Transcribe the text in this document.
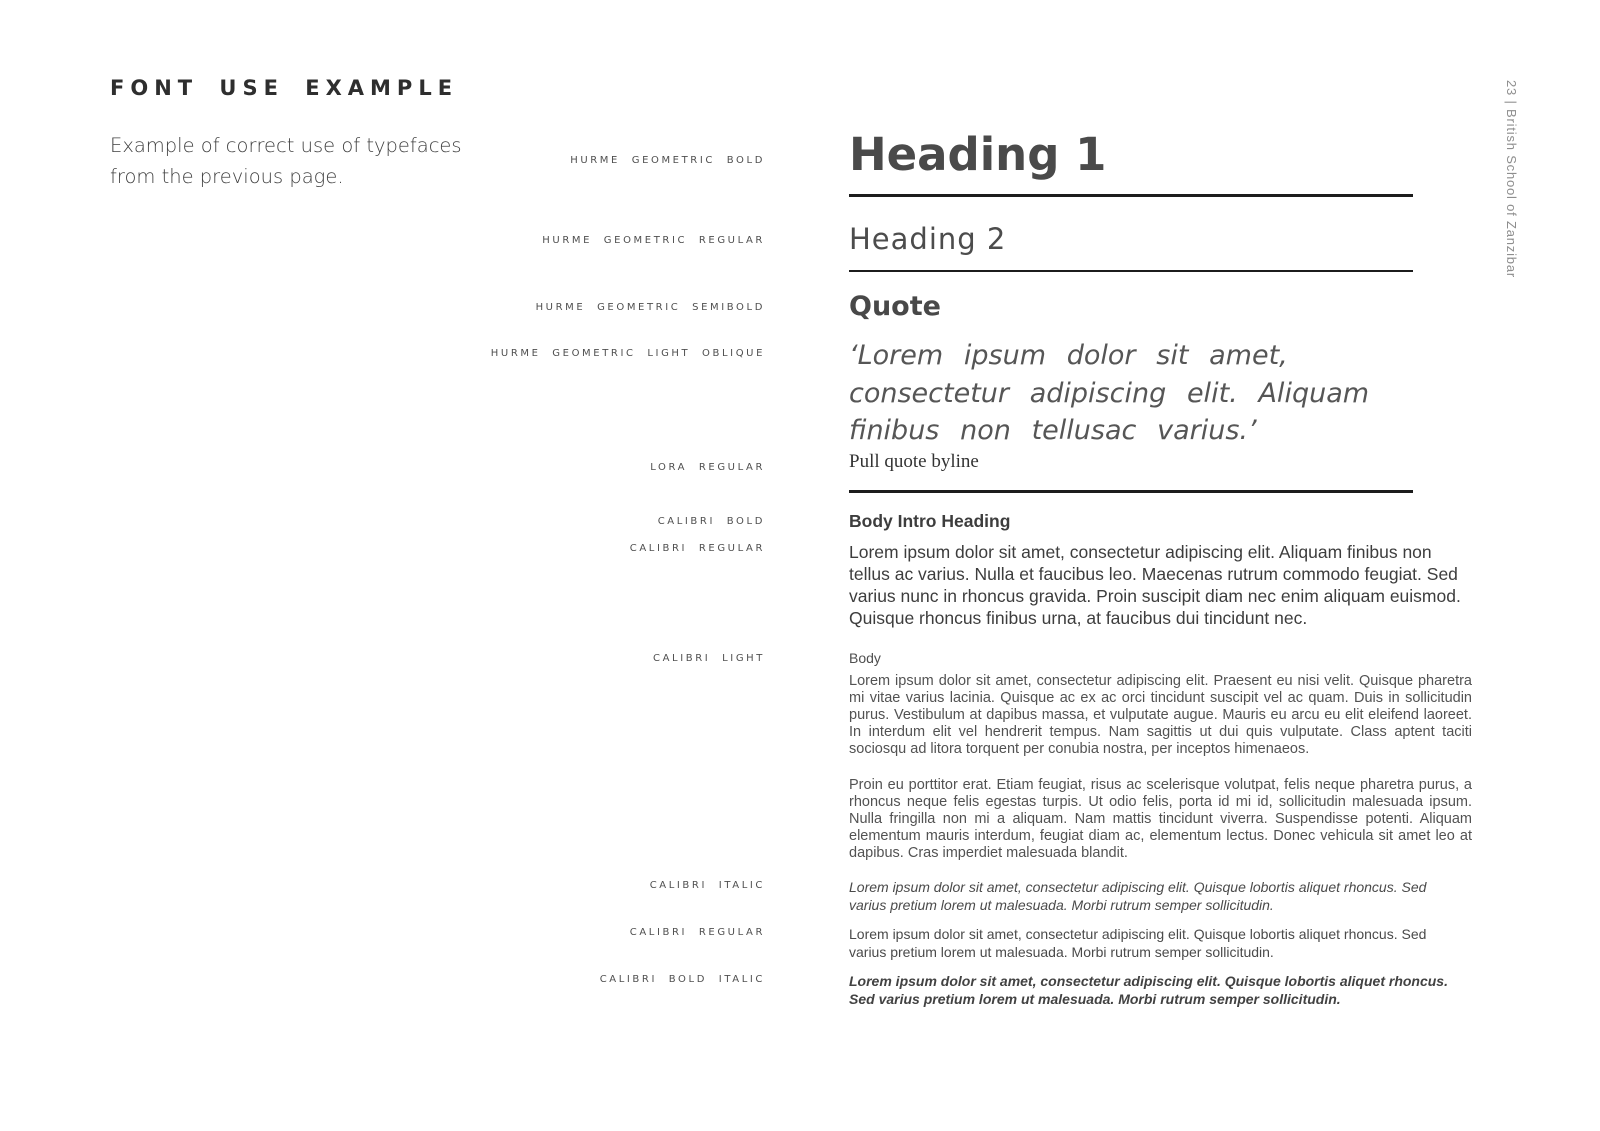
FONT USE EXAMPLE
Example of correct use of typefaces from the previous page.
HURME GEOMETRIC BOLD
HURME GEOMETRIC REGULAR
HURME GEOMETRIC SEMIBOLD
HURME GEOMETRIC LIGHT OBLIQUE
LORA REGULAR
CALIBRI BOLD
CALIBRI REGULAR
CALIBRI LIGHT
CALIBRI ITALIC
CALIBRI REGULAR
CALIBRI BOLD ITALIC
Heading 1
Heading 2
Quote
‘Lorem ipsum dolor sit amet,
consectetur adipiscing elit. Aliquam
finibus non tellusac varius.’
Pull quote byline
Body Intro Heading
Lorem ipsum dolor sit amet, consectetur adipiscing elit. Aliquam finibus non tellus ac varius. Nulla et faucibus leo. Maecenas rutrum commodo feugiat. Sed varius nunc in rhoncus gravida. Proin suscipit diam nec enim aliquam euismod. Quisque rhoncus finibus urna, at faucibus dui tincidunt nec.
Body
Lorem ipsum dolor sit amet, consectetur adipiscing elit. Praesent eu nisi velit. Quisque pharetra mi vitae varius lacinia. Quisque ac ex ac orci tincidunt suscipit vel ac quam. Duis in sollicitudin purus. Vestibulum at dapibus massa, et vulputate augue. Mauris eu arcu eu elit eleifend laoreet. In interdum elit vel hendrerit tempus. Nam sagittis ut dui quis vulputate. Class aptent taciti sociosqu ad litora torquent per conubia nostra, per inceptos himenaeos.
Proin eu porttitor erat. Etiam feugiat, risus ac scelerisque volutpat, felis neque pharetra purus, a rhoncus neque felis egestas turpis. Ut odio felis, porta id mi id, sollicitudin malesuada ipsum. Nulla fringilla non mi a aliquam. Nam mattis tincidunt viverra. Suspendisse potenti. Aliquam elementum mauris interdum, feugiat diam ac, elementum lectus. Donec vehicula sit amet leo at dapibus. Cras imperdiet malesuada blandit.
Lorem ipsum dolor sit amet, consectetur adipiscing elit. Quisque lobortis aliquet rhoncus. Sed varius pretium lorem ut malesuada. Morbi rutrum semper sollicitudin.
Lorem ipsum dolor sit amet, consectetur adipiscing elit. Quisque lobortis aliquet rhoncus. Sed varius pretium lorem ut malesuada. Morbi rutrum semper sollicitudin.
Lorem ipsum dolor sit amet, consectetur adipiscing elit. Quisque lobortis aliquet rhoncus. Sed varius pretium lorem ut malesuada. Morbi rutrum semper sollicitudin.
23 | British School of Zanzibar
